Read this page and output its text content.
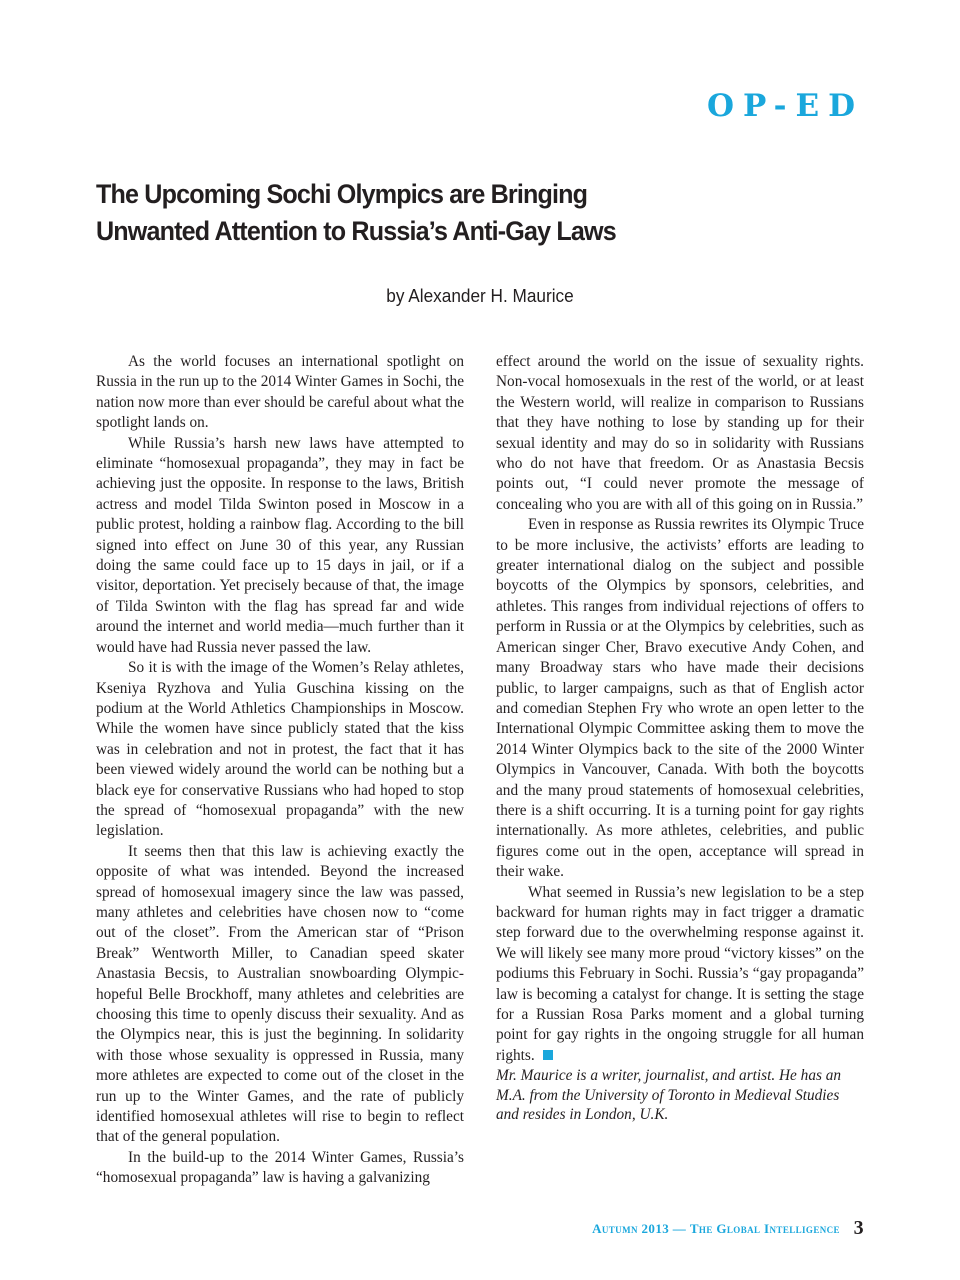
OP-ED
The Upcoming Sochi Olympics are Bringing
Unwanted Attention to Russia’s Anti-Gay Laws
by Alexander H. Maurice

As the world focuses an international spotlight on Russia in the run up to the 2014 Winter Games in Sochi, the nation now more than ever should be careful about what the spotlight lands on.

While Russia’s harsh new laws have attempted to eliminate “homosexual propaganda”, they may in fact be achieving just the opposite. In response to the laws, British actress and model Tilda Swinton posed in Moscow in a public protest, holding a rainbow flag. According to the bill signed into effect on June 30 of this year, any Russian doing the same could face up to 15 days in jail, or if a visitor, deportation. Yet precisely because of that, the image of Tilda Swinton with the flag has spread far and wide around the internet and world media—much further than it would have had Russia never passed the law.

So it is with the image of the Women’s Relay athletes, Kseniya Ryzhova and Yulia Guschina kissing on the podium at the World Athletics Championships in Moscow. While the women have since publicly stated that the kiss was in celebration and not in protest, the fact that it has been viewed widely around the world can be nothing but a black eye for conservative Russians who had hoped to stop the spread of “homosexual propaganda” with the new legislation.

It seems then that this law is achieving exactly the opposite of what was intended. Beyond the increased spread of homosexual imagery since the law was passed, many athletes and celebrities have chosen now to “come out of the closet”. From the American star of “Prison Break” Wentworth Miller, to Canadian speed skater Anastasia Becsis, to Australian snowboarding Olympic-hopeful Belle Brockhoff, many athletes and celebrities are choosing this time to openly discuss their sexuality. And as the Olympics near, this is just the beginning. In solidarity with those whose sexuality is oppressed in Russia, many more athletes are expected to come out of the closet in the run up to the Winter Games, and the rate of publicly identified homosexual athletes will rise to begin to reflect that of the general population.

In the build-up to the 2014 Winter Games, Russia’s “homosexual propaganda” law is having a galvanizing

effect around the world on the issue of sexuality rights. Non-vocal homosexuals in the rest of the world, or at least the Western world, will realize in comparison to Russians that they have nothing to lose by standing up for their sexual identity and may do so in solidarity with Russians who do not have that freedom. Or as Anastasia Becsis points out, “I could never promote the message of concealing who you are with all of this going on in Russia.”

Even in response as Russia rewrites its Olympic Truce to be more inclusive, the activists’ efforts are leading to greater international dialog on the subject and possible boycotts of the Olympics by sponsors, celebrities, and athletes. This ranges from individual rejections of offers to perform in Russia or at the Olympics by celebrities, such as American singer Cher, Bravo executive Andy Cohen, and many Broadway stars who have made their decisions public, to larger campaigns, such as that of English actor and comedian Stephen Fry who wrote an open letter to the International Olympic Committee asking them to move the 2014 Winter Olympics back to the site of the 2000 Winter Olympics in Vancouver, Canada. With both the boycotts and the many proud statements of homosexual celebrities, there is a shift occurring. It is a turning point for gay rights internationally. As more athletes, celebrities, and public figures come out in the open, acceptance will spread in their wake.

What seemed in Russia’s new legislation to be a step backward for human rights may in fact trigger a dramatic step forward due to the overwhelming response against it. We will likely see many more proud “victory kisses” on the podiums this February in Sochi. Russia’s “gay propaganda” law is becoming a catalyst for change. It is setting the stage for a Russian Rosa Parks moment and a global turning point for gay rights in the ongoing struggle for all human rights.

Mr. Maurice is a writer, journalist, and artist. He has an M.A. from the University of Toronto in Medieval Studies and resides in London, U.K.

Autumn 2013 — The Global Intelligence 3
